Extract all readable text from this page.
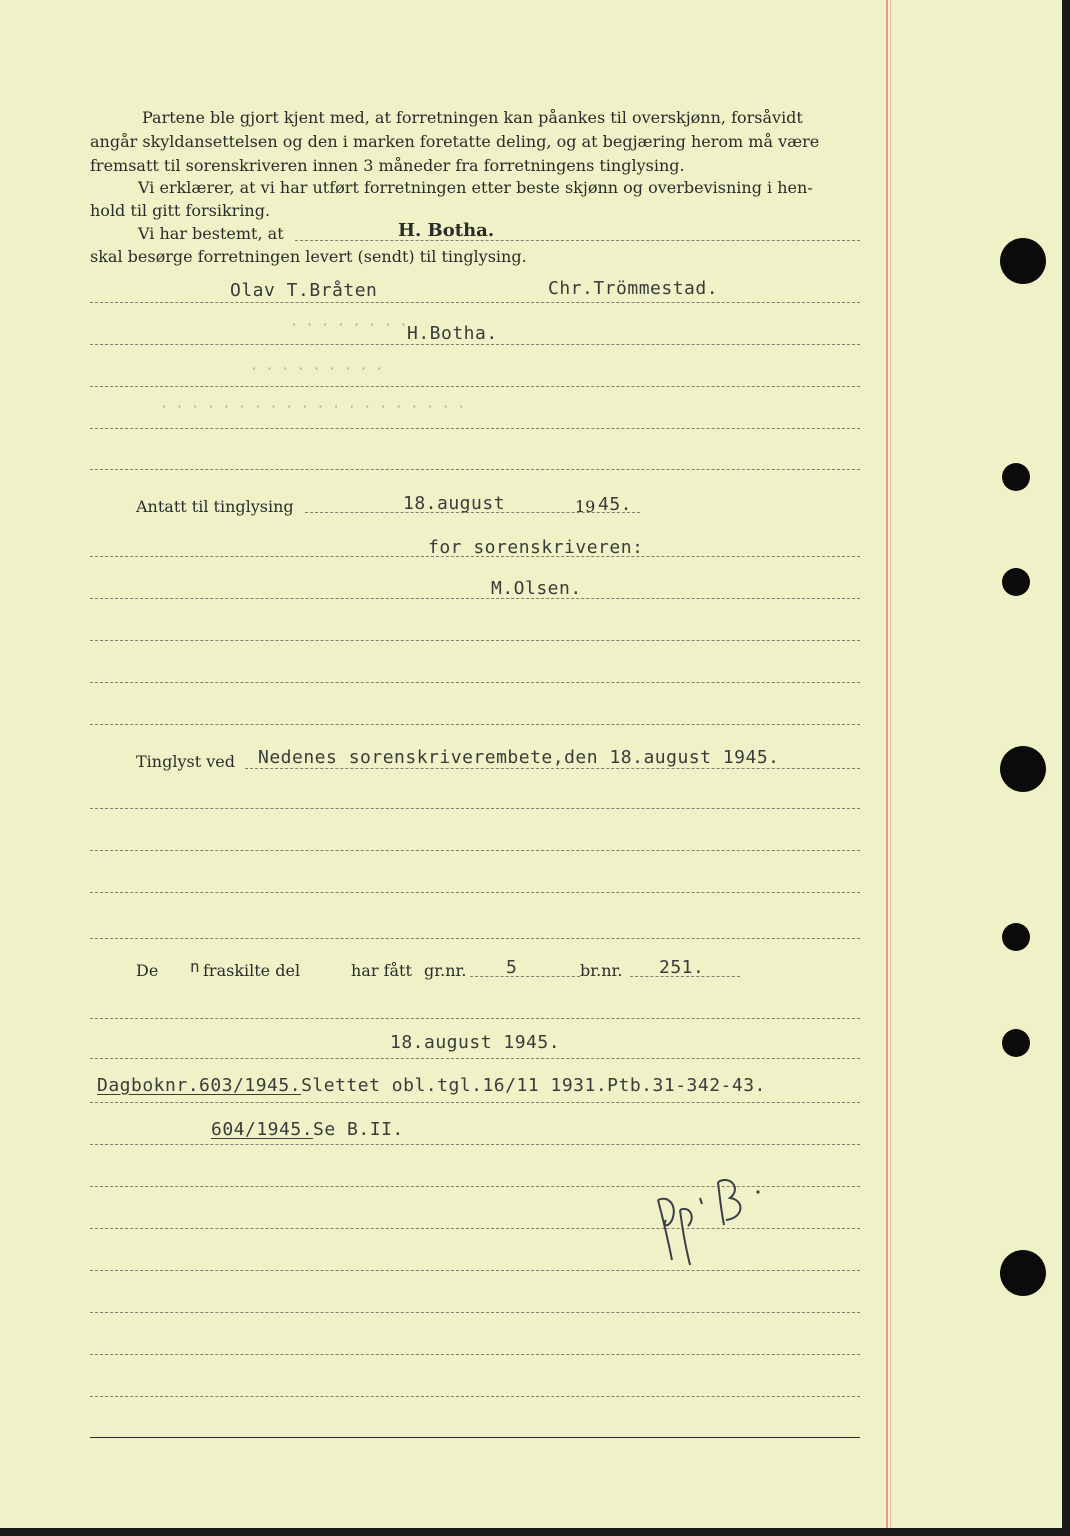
Partene ble gjort kjent med, at forretningen kan påankes til overskjønn, forsåvidt
angår skyldansettelsen og den i marken foretatte deling, og at begjæring herom må være
fremsatt til sorenskriveren innen 3 måneder fra forretningens tinglysing.
Vi erklærer, at vi har utført forretningen etter beste skjønn og overbevisning i hen-
hold til gitt forsikring.
Vi har bestemt, at	H. Botha.
skal besørge forretningen levert (sendt) til tinglysing.
Olav T.Bråten	Chr.Trömmestad.
H.Botha.
Antatt til tinglysing	18.august	19 45.
for sorenskriveren:
M.Olsen.
Tinglyst ved Nedenes sorenskriverembete,den 18.august 1945.
De n fraskilte del	har fått gr.nr. 5	br.nr. 251.
18.august 1945.
Dagboknr.603/1945.Slettet obl.tgl.16/11 1931.Ptb.31-342-43.
604/1945.Se B.II.
· · · · · · · ·
· · · · · · · · ·
· · · · · · · · · · · · · · · · · · · ·
